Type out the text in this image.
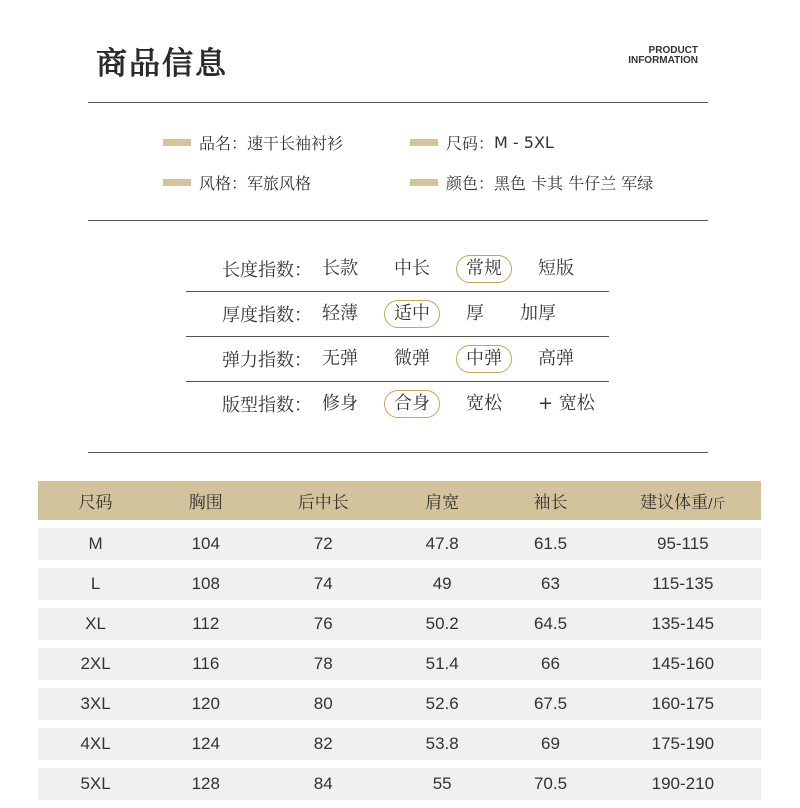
商品信息	PRODUCT
INFORMATION
品名： 速干长袖衬衫	尺码： M - 5XL
风格： 军旅风格	颜色： 黑色 卡其 牛仔兰 军绿
长度指数： 长款	中长	常规	短版
厚度指数： 轻薄	适中	厚	加厚
弹力指数： 无弹	微弹	中弹	高弹
版型指数： 修身	合身	宽松	+ 宽松
尺码	胸围	后中长	肩宽	袖长	建议体重/斤
M	104	72	47.8	61.5	95-115
L	108	74	49	63	115-135
XL	112	76	50.2	64.5	135-145
2XL	116	78	51.4	66	145-160
3XL	120	80	52.6	67.5	160-175
4XL	124	82	53.8	69	175-190
5XL	128	84	55	70.5	190-210
